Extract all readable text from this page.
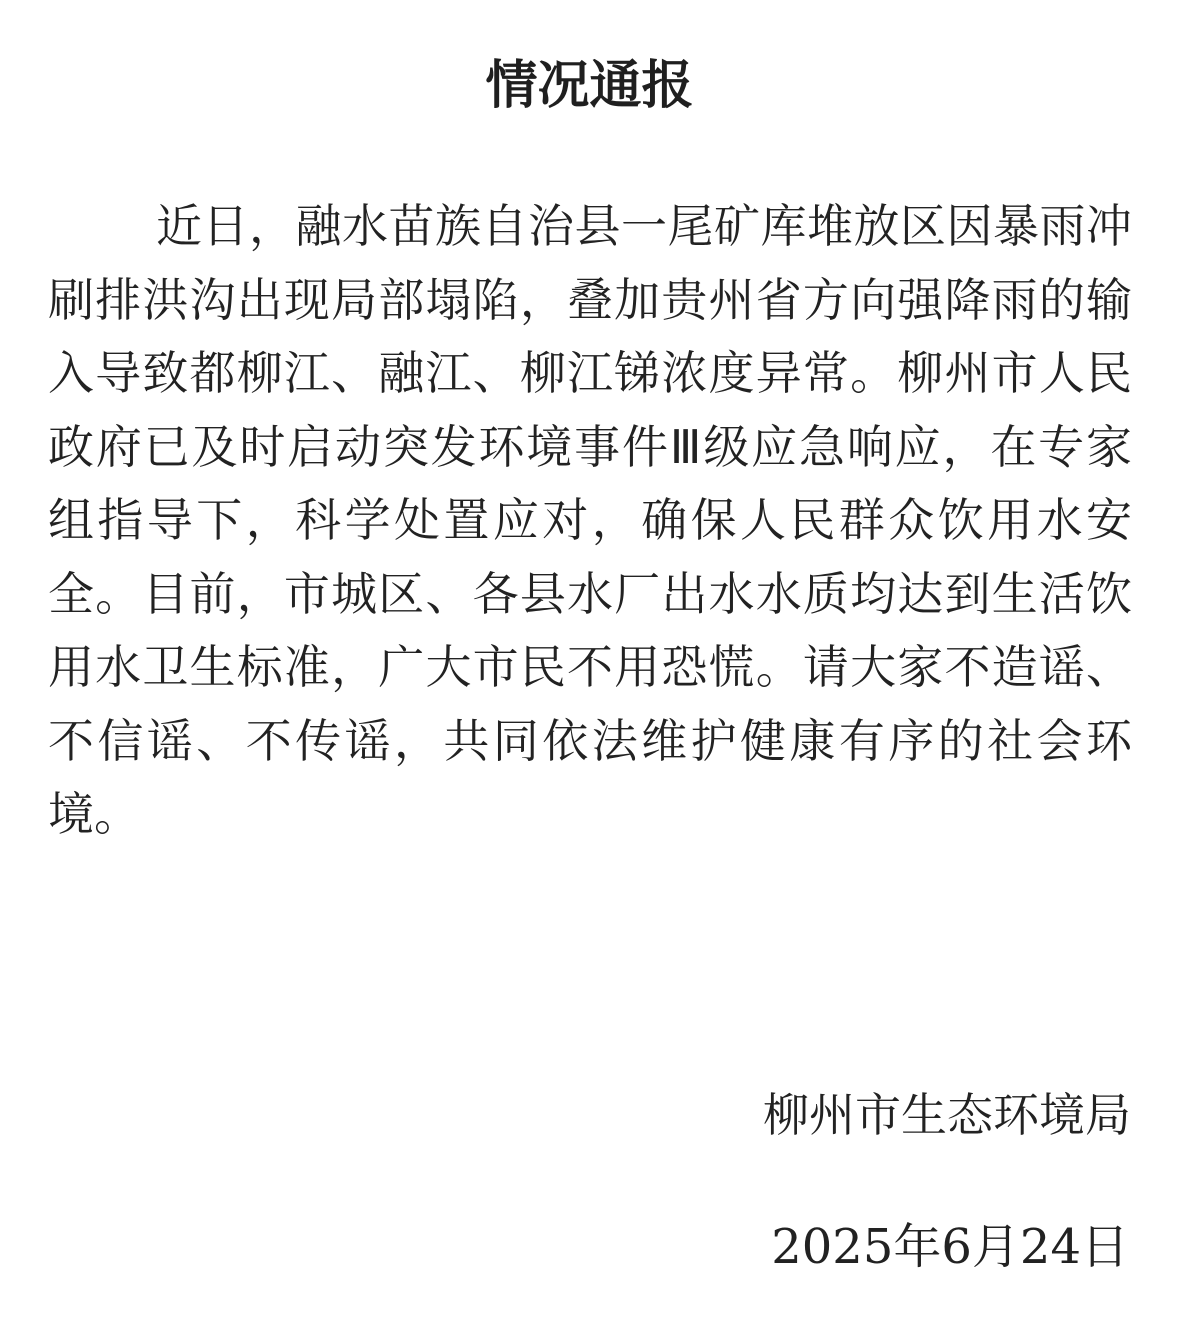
情况通报

近日，融水苗族自治县一尾矿库堆放区因暴雨冲刷排洪沟出现局部塌陷，叠加贵州省方向强降雨的输入导致都柳江、融江、柳江锑浓度异常。柳州市人民政府已及时启动突发环境事件Ⅲ级应急响应，在专家组指导下，科学处置应对，确保人民群众饮用水安全。目前，市城区、各县水厂出水水质均达到生活饮用水卫生标准，广大市民不用恐慌。请大家不造谣、不信谣、不传谣，共同依法维护健康有序的社会环境。

柳州市生态环境局

2025年6月24日
